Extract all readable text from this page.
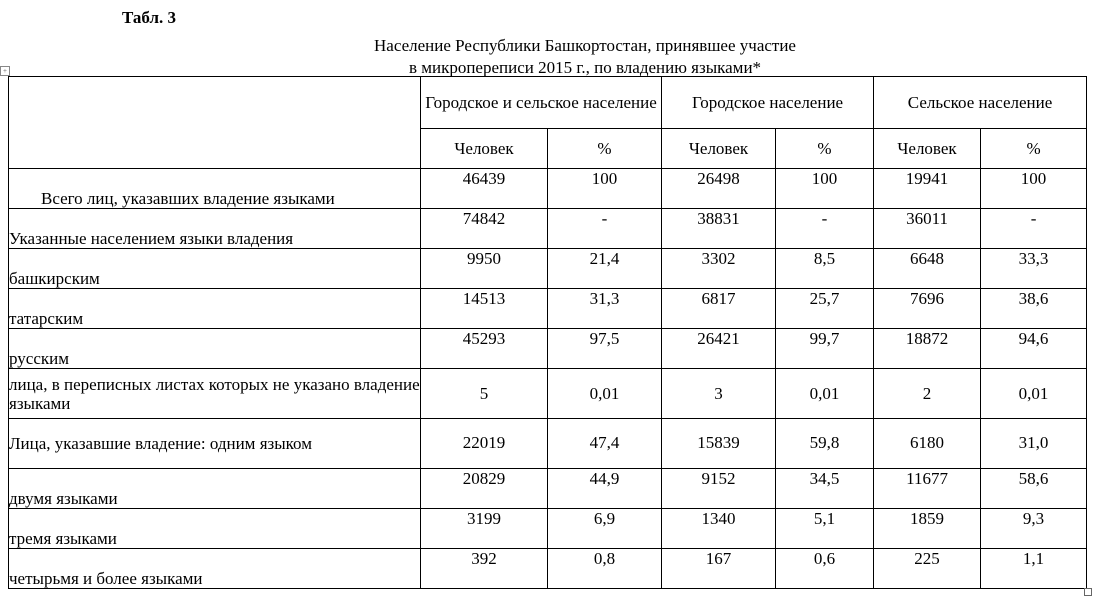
Табл. 3
Население Республики Башкортостан, принявшее участие
в микропереписи 2015 г., по владению языками*
+
	Городское и сельское население		Городское население		Сельское население	
	Человек	%	Человек	%	Человек	%
Всего лиц, указавших владение языками	46439	100	26498	100	19941	100
Указанные населением языки владения	74842	-	38831	-	36011	-
башкирским	9950	21,4	3302	8,5	6648	33,3
татарским	14513	31,3	6817	25,7	7696	38,6
русским	45293	97,5	26421	99,7	18872	94,6
лица, в переписных листах которых не указано владение языками	5	0,01	3	0,01	2	0,01
Лица, указавшие владение: одним языком	22019	47,4	15839	59,8	6180	31,0
двумя языками	20829	44,9	9152	34,5	11677	58,6
тремя языками	3199	6,9	1340	5,1	1859	9,3
четырьмя и более языками	392	0,8	167	0,6	225	1,1
